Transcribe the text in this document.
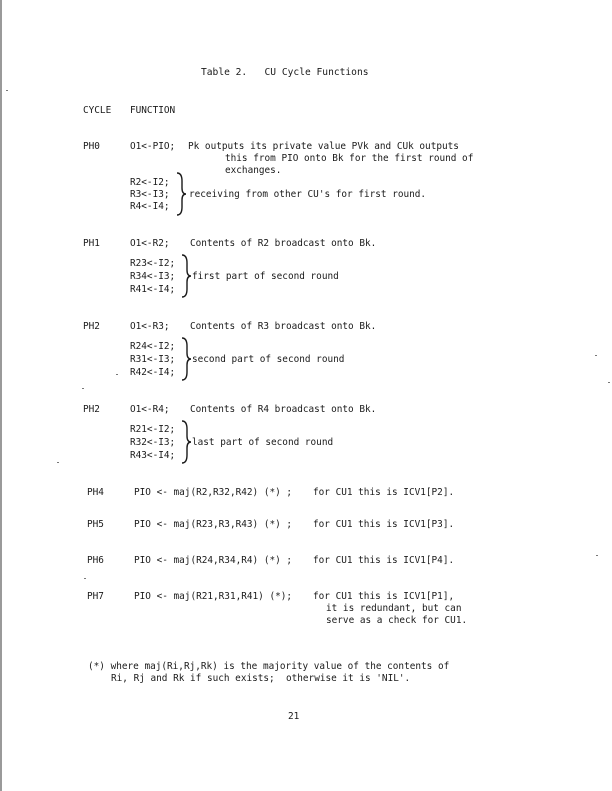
Table 2.   CU Cycle Functions
CYCLE FUNCTION
PH0	O1<-PIO; Pk outputs its private value PVk and CUk outputs
this from PIO onto Bk for the first round of
exchanges.
R2<-I2;
R3<-I3;
R4<-I4;
receiving from other CU's for first round.
PH1	O1<-R2; Contents of R2 broadcast onto Bk.
R23<-I2;
R34<-I3;
R41<-I4;
first part of second round
PH2	O1<-R3; Contents of R3 broadcast onto Bk.
R24<-I2;
R31<-I3;
R42<-I4;
second part of second round
PH2	O1<-R4; Contents of R4 broadcast onto Bk.
R21<-I2;
R32<-I3;
R43<-I4;
last part of second round
PH4	PIO <- maj(R2,R32,R42) (*) ; for CU1 this is ICV1[P2].
PH5	PIO <- maj(R23,R3,R43) (*) ; for CU1 this is ICV1[P3].
PH6	PIO <- maj(R24,R34,R4) (*) ; for CU1 this is ICV1[P4].
PH7	PIO <- maj(R21,R31,R41) (*); for CU1 this is ICV1[P1],
it is redundant, but can
serve as a check for CU1.
(*) where maj(Ri,Rj,Rk) is the majority value of the contents of
Ri, Rj and Rk if such exists;  otherwise it is 'NIL'.
21
